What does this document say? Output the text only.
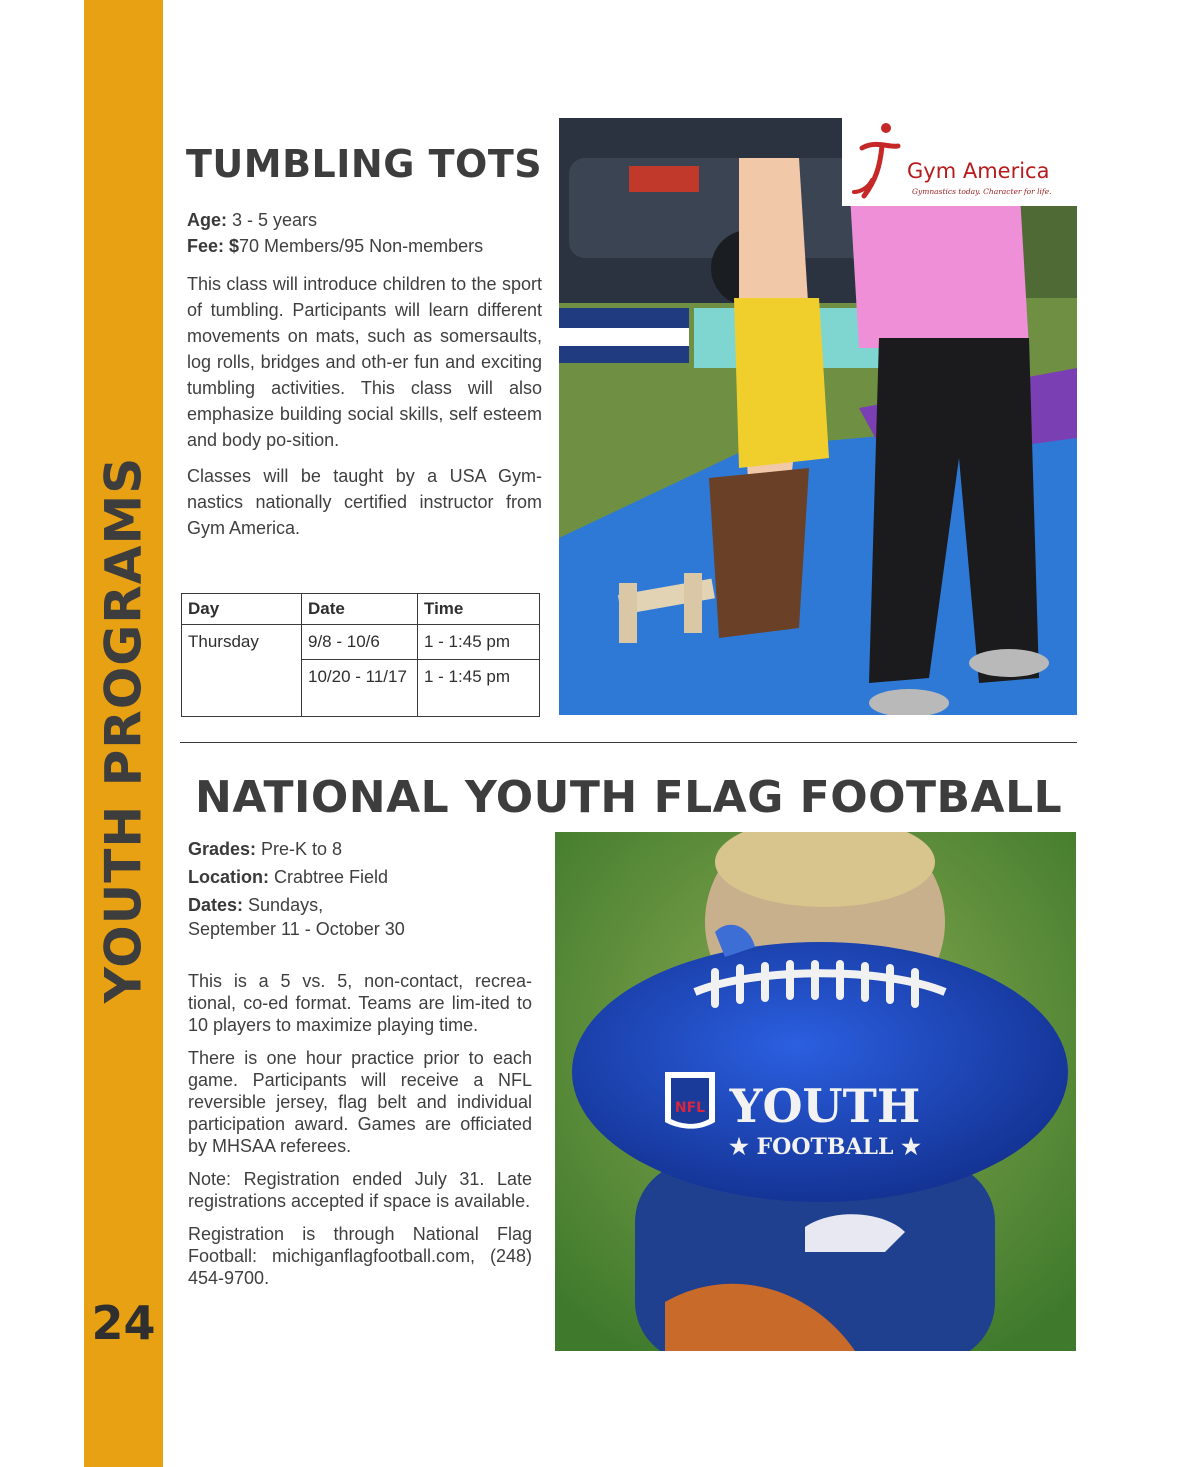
YOUTH PROGRAMS
24
TUMBLING TOTS
Age: 3 - 5 years
Fee: $70 Members/95 Non-members

This class will introduce children to the sport of tumbling. Participants will learn different movements on mats, such as somersaults, log rolls, bridges and oth-er fun and exciting tumbling activities. This class will also emphasize building social skills, self esteem and body po-sition.

Classes will be taught by a USA Gym-nastics nationally certified instructor from Gym America.

Day	Date	Time
Thursday	9/8 - 10/6	1 - 1:45 pm
	10/20 - 11/17	1 - 1:45 pm
Gym America
Gymnastics today. Character for life.
NATIONAL YOUTH FLAG FOOTBALL
Grades: Pre-K to 8
Location: Crabtree Field
Dates: Sundays,
September 11 - October 30

This is a 5 vs. 5, non-contact, recrea-tional, co-ed format. Teams are lim-ited to 10 players to maximize playing time.

There is one hour practice prior to each game. Participants will receive a NFL reversible jersey, flag belt and individual participation award. Games are officiated by MHSAA referees.

Note: Registration ended July 31. Late registrations accepted if space is available.

Registration is through National Flag Football: michiganflagfootball.com, (248) 454-9700.

NFL YOUTH
★ FOOTBALL ★
